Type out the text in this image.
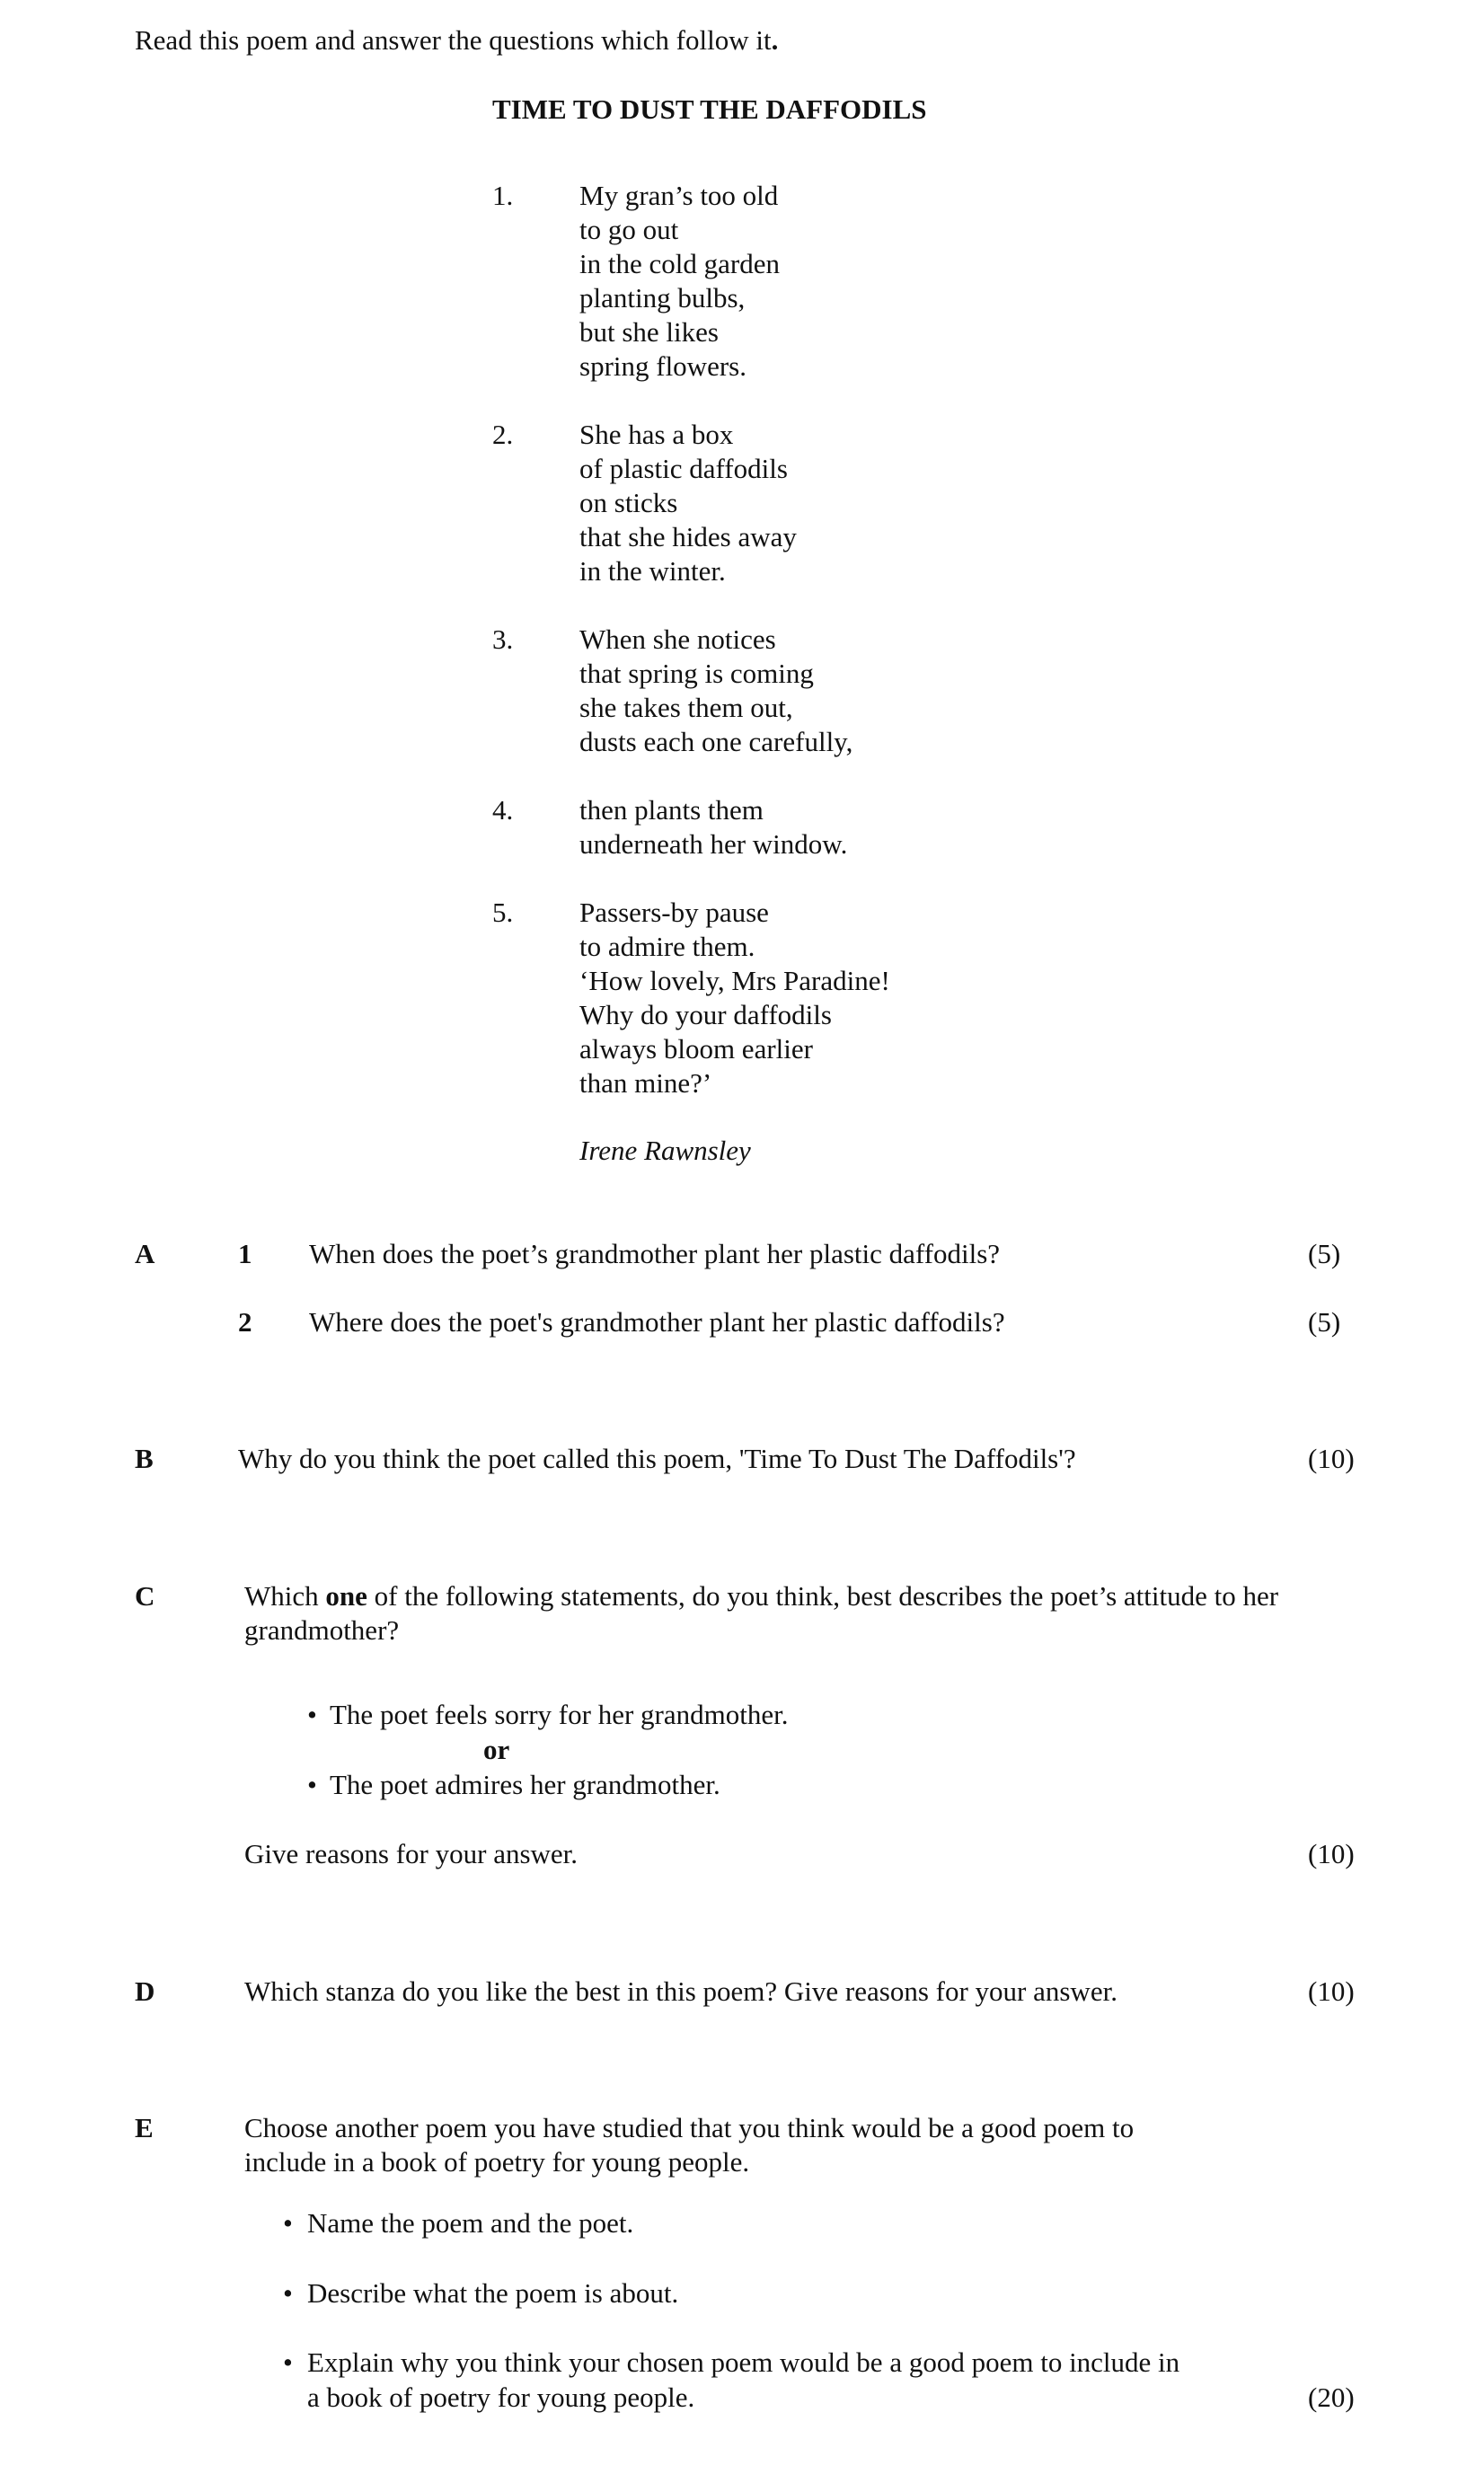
Read this poem and answer the questions which follow it.
TIME TO DUST THE DAFFODILS
1. My gran’s too old
to go out
in the cold garden
planting bulbs,
but she likes
spring flowers.
2. She has a box
of plastic daffodils
on sticks
that she hides away
in the winter.
3. When she notices
that spring is coming
she takes them out,
dusts each one carefully,
4. then plants them
underneath her window.
5. Passers-by pause
to admire them.
‘How lovely, Mrs Paradine!
Why do your daffodils
always bloom earlier
than mine?’
Irene Rawnsley
A	1 When does the poet’s grandmother plant her plastic daffodils?	(5)
2 Where does the poet's grandmother plant her plastic daffodils?	(5)
B	Why do you think the poet called this poem, 'Time To Dust The Daffodils'?	(10)
C	Which one of the following statements, do you think, best describes the poet’s attitude to her
grandmother?
• The poet feels sorry for her grandmother.
or
• The poet admires her grandmother.
Give reasons for your answer.	(10)
D	Which stanza do you like the best in this poem? Give reasons for your answer.	(10)
E	Choose another poem you have studied that you think would be a good poem to
include in a book of poetry for young people.
• Name the poem and the poet.
• Describe what the poem is about.
• Explain why you think your chosen poem would be a good poem to include in
a book of poetry for young people.	(20)
